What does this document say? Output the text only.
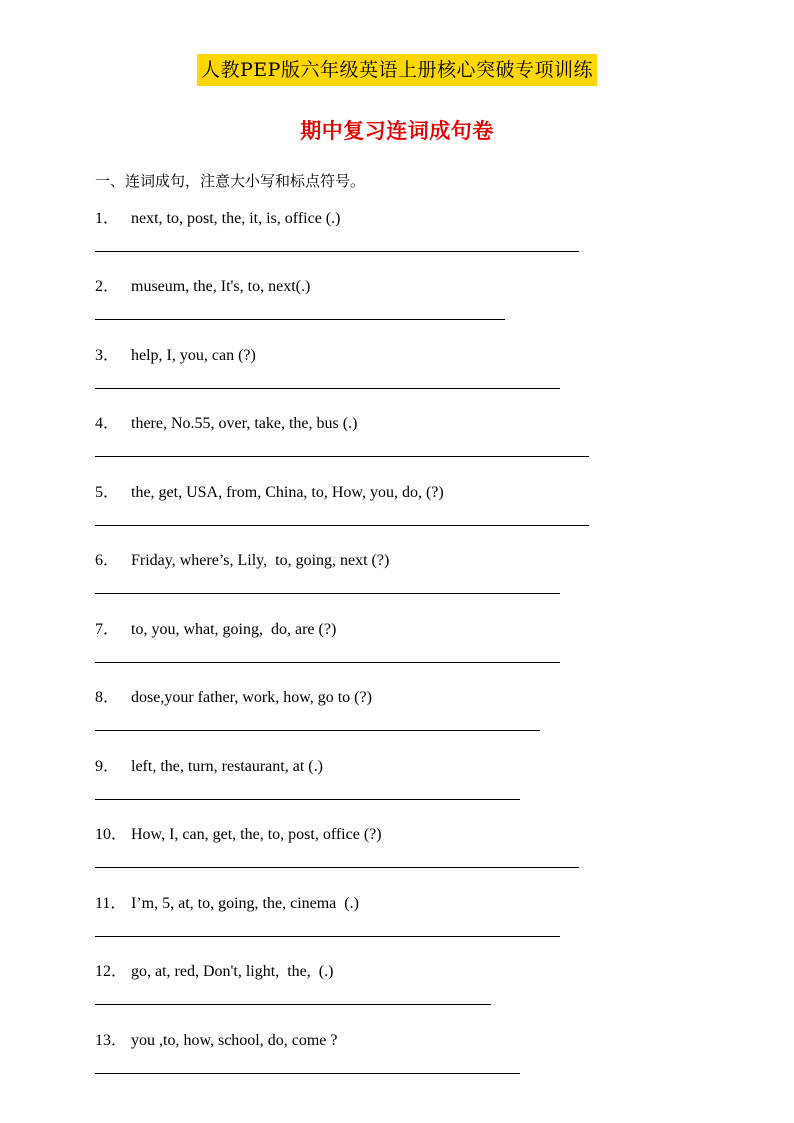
人教PEP版六年级英语上册核心突破专项训练
期中复习连词成句卷
一、连词成句，注意大小写和标点符号。
1． next, to, post, the, it, is, office (.)
2． museum, the, It's, to, next(.)
3． help, I, you, can (?)
4． there, No.55, over, take, the, bus (.)
5． the, get, USA, from, China, to, How, you, do, (?)
6． Friday, where’s, Lily,  to, going, next (?)
7． to, you, what, going,  do, are (?)
8． dose,your father, work, how, go to (?)
9． left, the, turn, restaurant, at (.)
10． How, I, can, get, the, to, post, office (?)
11． I’m, 5, at, to, going, the, cinema  (.)
12． go, at, red, Don't, light,  the,  (.)
13． you ,to, how, school, do, come ?
